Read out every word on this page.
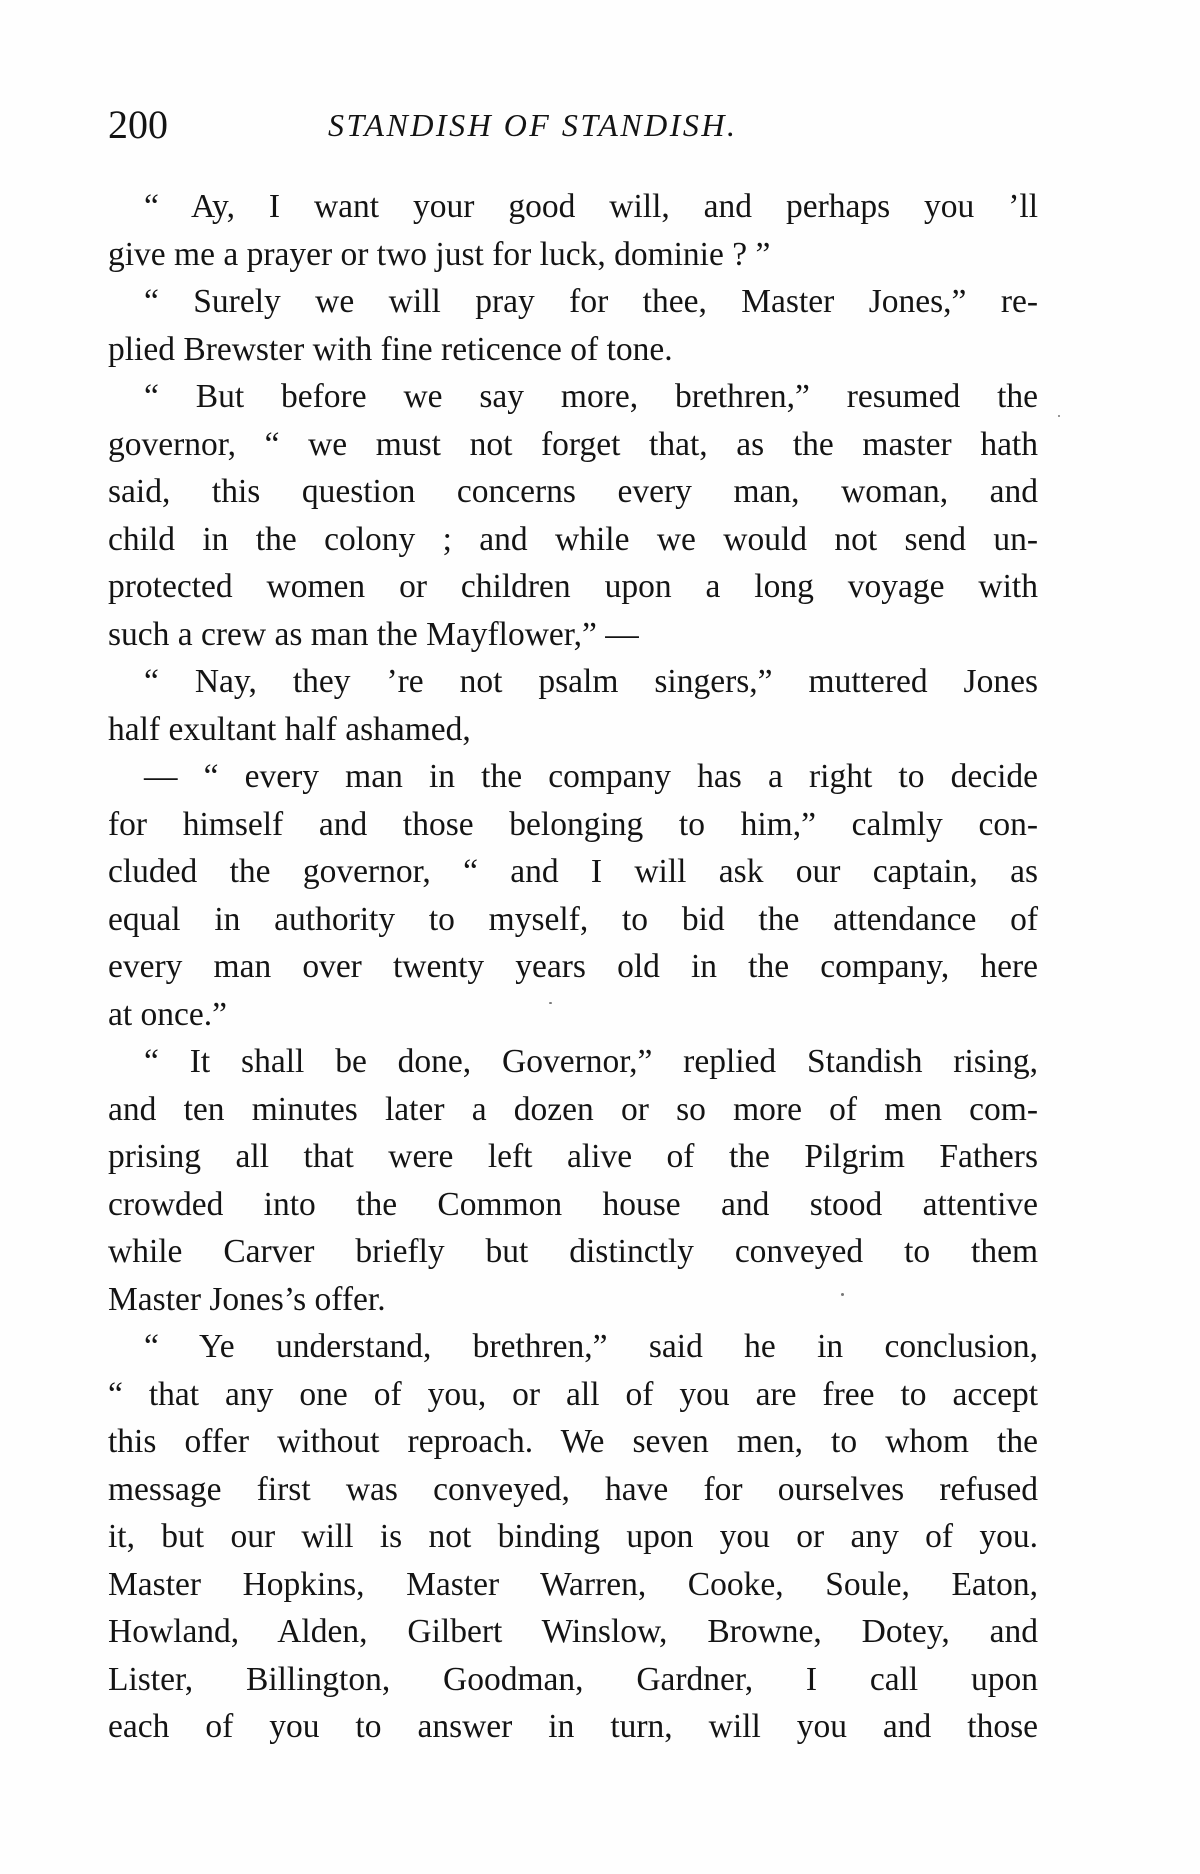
200	STANDISH OF STANDISH.

“ Ay, I want your good will, and perhaps you ’ll
give me a prayer or two just for luck, dominie ? ”

“ Surely we will pray for thee, Master Jones,” re-
plied Brewster with fine reticence of tone.

“ But before we say more, brethren,” resumed the
governor, “ we must not forget that, as the master hath
said, this question concerns every man, woman, and
child in the colony ; and while we would not send un-
protected women or children upon a long voyage with
such a crew as man the Mayflower,” —

“ Nay, they ’re not psalm singers,” muttered Jones
half exultant half ashamed,

— “ every man in the company has a right to decide
for himself and those belonging to him,” calmly con-
cluded the governor, “ and I will ask our captain, as
equal in authority to myself, to bid the attendance of
every man over twenty years old in the company, here
at once.”

“ It shall be done, Governor,” replied Standish rising,
and ten minutes later a dozen or so more of men com-
prising all that were left alive of the Pilgrim Fathers
crowded into the Common house and stood attentive
while Carver briefly but distinctly conveyed to them
Master Jones’s offer.

“ Ye understand, brethren,” said he in conclusion,
“ that any one of you, or all of you are free to accept
this offer without reproach. We seven men, to whom the
message first was conveyed, have for ourselves refused
it, but our will is not binding upon you or any of you.
Master Hopkins, Master Warren, Cooke, Soule, Eaton,
Howland, Alden, Gilbert Winslow, Browne, Dotey, and
Lister, Billington, Goodman, Gardner, I call upon
each of you to answer in turn, will you and those
